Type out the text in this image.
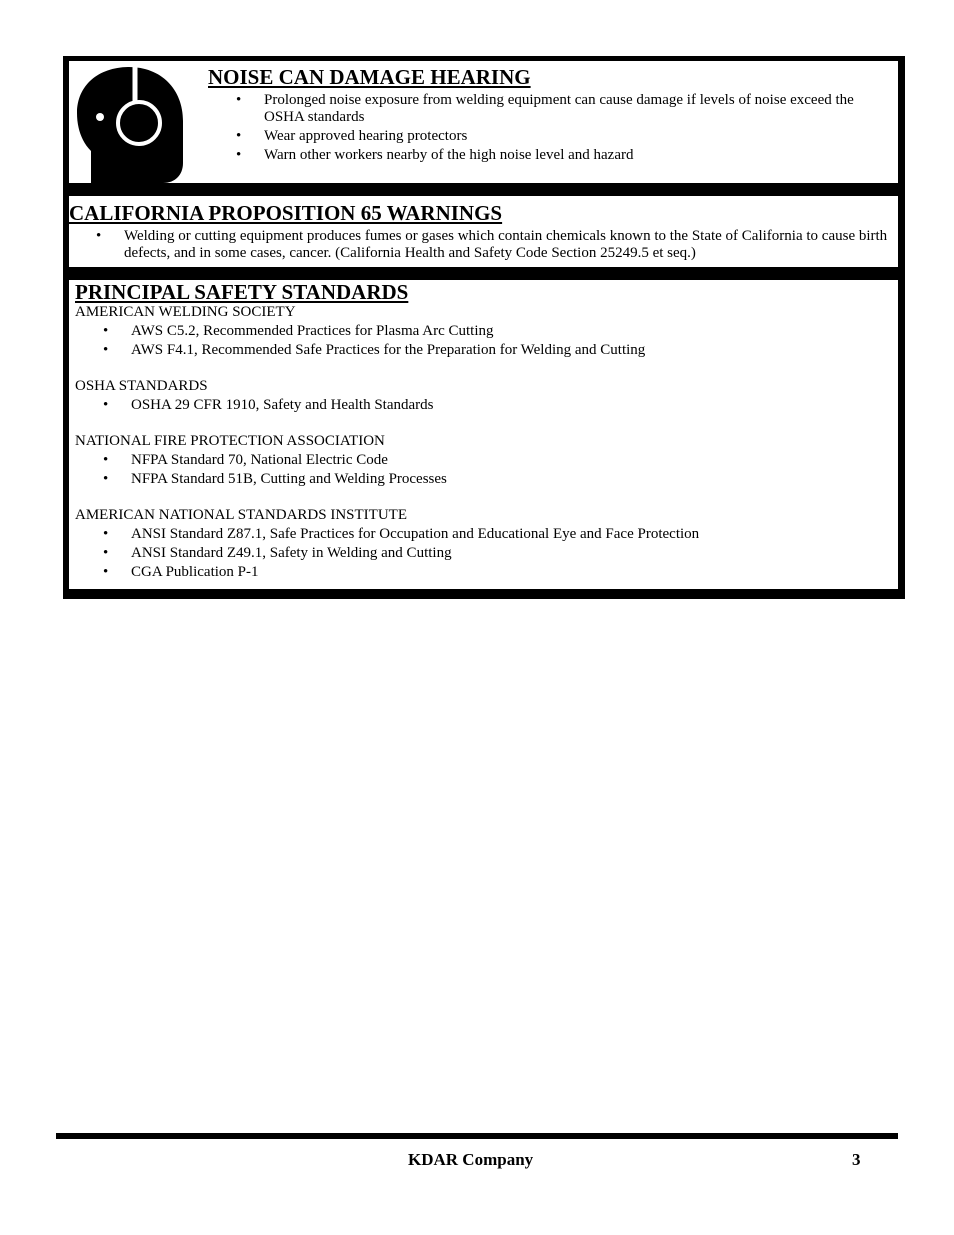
NOISE CAN DAMAGE HEARING
• Prolonged noise exposure from welding equipment can cause damage if levels of noise exceed the OSHA standards
• Wear approved hearing protectors
• Warn other workers nearby of the high noise level and hazard
CALIFORNIA PROPOSITION 65 WARNINGS
• Welding or cutting equipment produces fumes or gases which contain chemicals known to the State of California to cause birth defects, and in some cases, cancer. (California Health and Safety Code Section 25249.5 et seq.)
PRINCIPAL SAFETY STANDARDS
AMERICAN WELDING SOCIETY
• AWS C5.2, Recommended Practices for Plasma Arc Cutting
• AWS F4.1, Recommended Safe Practices for the Preparation for Welding and Cutting
OSHA STANDARDS
• OSHA 29 CFR 1910, Safety and Health Standards
NATIONAL FIRE PROTECTION ASSOCIATION
• NFPA Standard 70, National Electric Code
• NFPA Standard 51B, Cutting and Welding Processes
AMERICAN NATIONAL STANDARDS INSTITUTE
• ANSI Standard Z87.1, Safe Practices for Occupation and Educational Eye and Face Protection
• ANSI Standard Z49.1, Safety in Welding and Cutting
• CGA Publication P-1
KDAR Company	3
